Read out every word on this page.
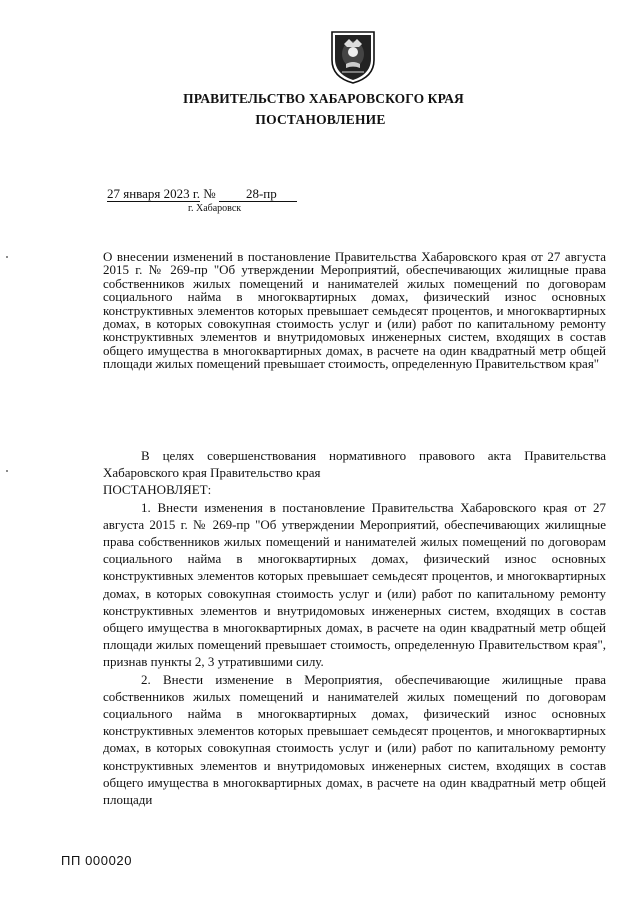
ПРАВИТЕЛЬСТВО ХАБАРОВСКОГО КРАЯ
ПОСТАНОВЛЕНИЕ
27 января 2023 г. № 28-пр
г. Хабаровск
О внесении изменений в постановление Правительства Хабаровского края от 27 августа 2015 г. № 269-пр "Об утверждении Мероприятий, обеспечивающих жилищные права собственников жилых помещений и нанимателей жилых помещений по договорам социального найма в многоквартирных домах, физический износ основных конструктивных элементов которых превышает семьдесят процентов, и многоквартирных домах, в которых совокупная стоимость услуг и (или) работ по капитальному ремонту конструктивных элементов и внутридомовых инженерных систем, входящих в состав общего имущества в многоквартирных домах, в расчете на один квадратный метр общей площади жилых помещений превышает стоимость, определенную Правительством края"

В целях совершенствования нормативного правового акта Правительства Хабаровского края Правительство края

ПОСТАНОВЛЯЕТ:

1. Внести изменения в постановление Правительства Хабаровского края от 27 августа 2015 г. № 269-пр "Об утверждении Мероприятий, обеспечивающих жилищные права собственников жилых помещений и нанимателей жилых помещений по договорам социального найма в многоквартирных домах, физический износ основных конструктивных элементов которых превышает семьдесят процентов, и многоквартирных домах, в которых совокупная стоимость услуг и (или) работ по капитальному ремонту конструктивных элементов и внутридомовых инженерных систем, входящих в состав общего имущества в многоквартирных домах, в расчете на один квадратный метр общей площади жилых помещений превышает стоимость, определенную Правительством края", признав пункты 2, 3 утратившими силу.

2. Внести изменение в Мероприятия, обеспечивающие жилищные права собственников жилых помещений и нанимателей жилых помещений по договорам социального найма в многоквартирных домах, физический износ основных конструктивных элементов которых превышает семьдесят процентов, и многоквартирных домах, в которых совокупная стоимость услуг и (или) работ по капитальному ремонту конструктивных элементов и внутридомовых инженерных систем, входящих в состав общего имущества в многоквартирных домах, в расчете на один квадратный метр общей площади

ПП 000020
